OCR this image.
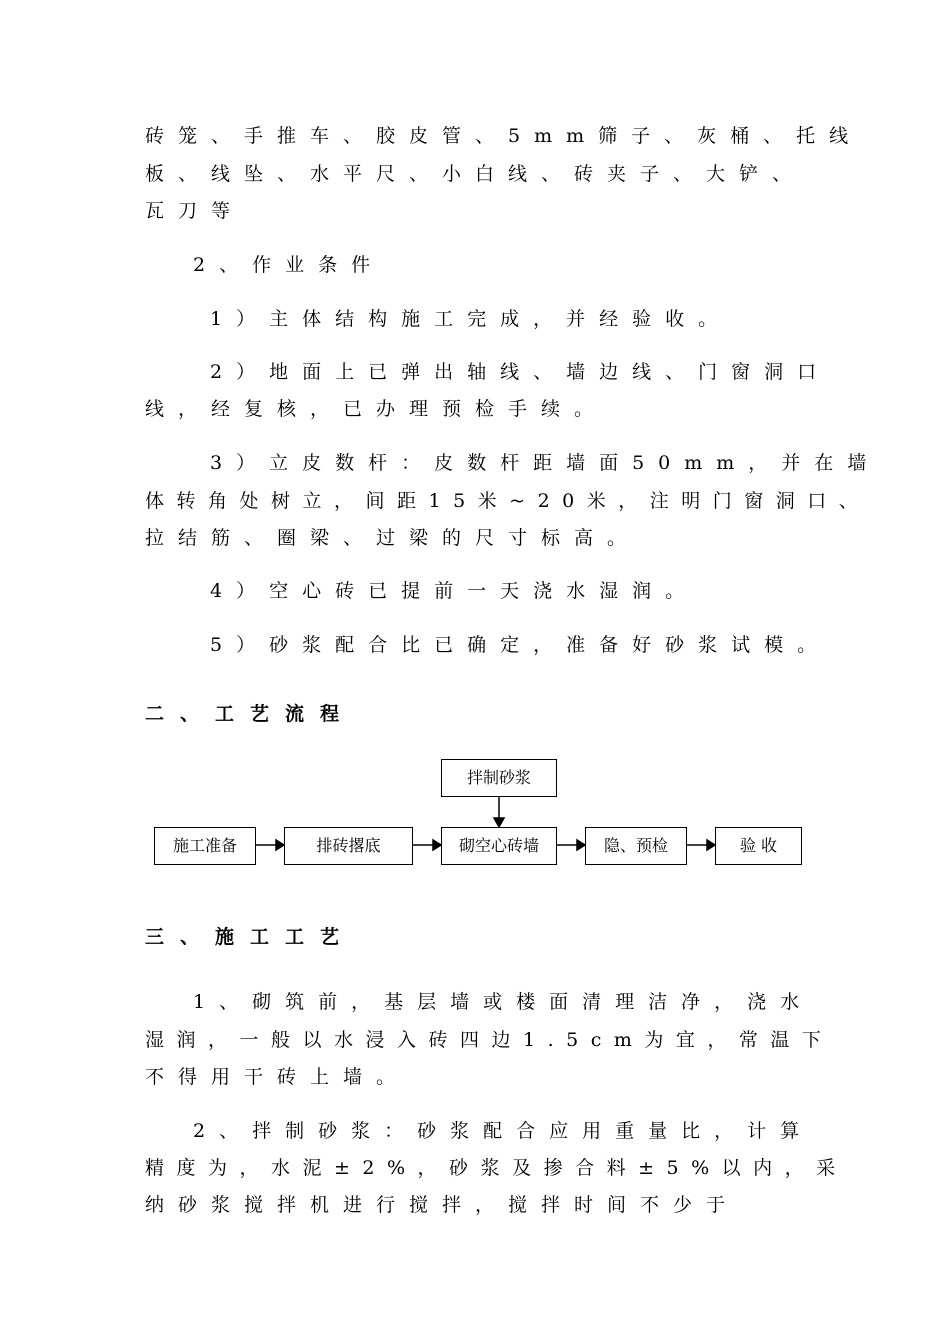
砖笼、手推车、胶皮管、5mm筛子、灰桶、托线
板、线坠、水平尺、小白线、砖夹子、大铲、
瓦刀等
2、作业条件
1）主体结构施工完成，并经验收。
2）地面上已弹出轴线、墙边线、门窗洞口
线，经复核，已办理预检手续。
3）立皮数杆：皮数杆距墙面50mm，并在墙
体转角处树立，间距15米~20米，注明门窗洞口、
拉结筋、圈梁、过梁的尺寸标高。
4）空心砖已提前一天浇水湿润。
5）砂浆配合比已确定，准备好砂浆试模。
二、工艺流程
拌制砂浆
施工准备	排砖撂底	砌空心砖墙	隐、预检	验 收
三、施工工艺
1、砌筑前，基层墙或楼面清理洁净，浇水
湿润，一般以水浸入砖四边1.5cm为宜，常温下
不得用干砖上墙。
2、拌制砂浆：砂浆配合应用重量比，计算
精度为，水泥±2%，砂浆及掺合料±5%以内，采
纳砂浆搅拌机进行搅拌，搅拌时间不少于
